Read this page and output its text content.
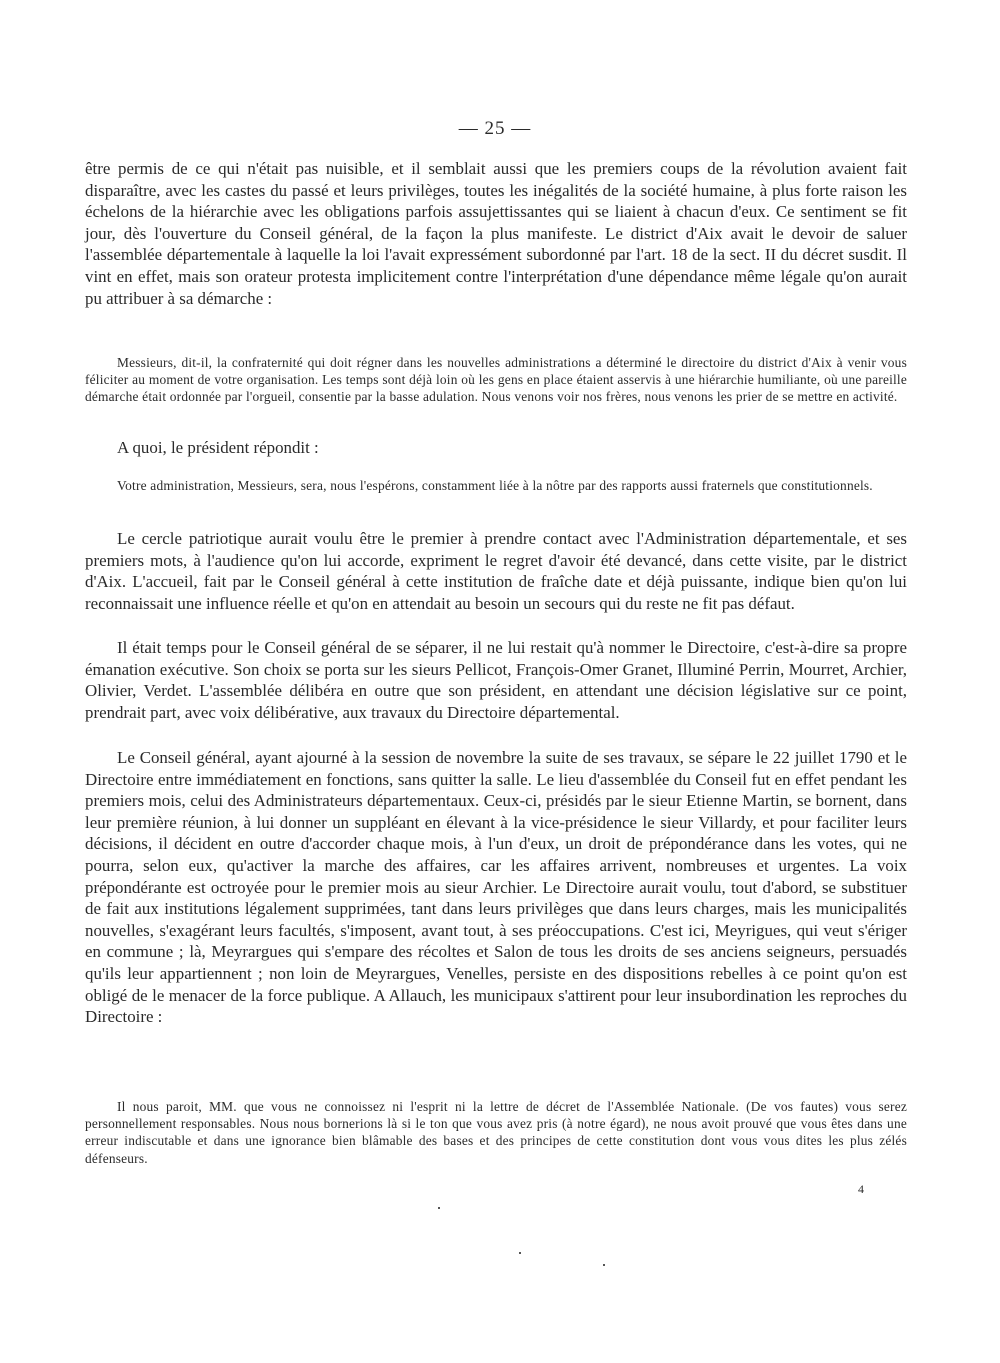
— 25 —

être permis de ce qui n'était pas nuisible, et il semblait aussi que les premiers coups de la révolution avaient fait disparaître, avec les castes du passé et leurs privilèges, toutes les inégalités de la société humaine, à plus forte raison les échelons de la hiérarchie avec les obligations parfois assujettissantes qui se liaient à chacun d'eux. Ce sentiment se fit jour, dès l'ouverture du Conseil général, de la façon la plus manifeste. Le district d'Aix avait le devoir de saluer l'assemblée départementale à laquelle la loi l'avait expressément subordonné par l'art. 18 de la sect. II du décret susdit. Il vint en effet, mais son orateur protesta implicitement contre l'interprétation d'une dépendance même légale qu'on aurait pu attribuer à sa démarche :

Messieurs, dit-il, la confraternité qui doit régner dans les nouvelles administrations a déterminé le directoire du district d'Aix à venir vous féliciter au moment de votre organisation. Les temps sont déjà loin où les gens en place étaient asservis à une hiérarchie humiliante, où une pareille démarche était ordonnée par l'orgueil, consentie par la basse adulation. Nous venons voir nos frères, nous venons les prier de se mettre en activité.

A quoi, le président répondit :

Votre administration, Messieurs, sera, nous l'espérons, constamment liée à la nôtre par des rapports aussi fraternels que constitutionnels.

Le cercle patriotique aurait voulu être le premier à prendre contact avec l'Administration départementale, et ses premiers mots, à l'audience qu'on lui accorde, expriment le regret d'avoir été devancé, dans cette visite, par le district d'Aix. L'accueil, fait par le Conseil général à cette institution de fraîche date et déjà puissante, indique bien qu'on lui reconnaissait une influence réelle et qu'on en attendait au besoin un secours qui du reste ne fit pas défaut.

Il était temps pour le Conseil général de se séparer, il ne lui restait qu'à nommer le Directoire, c'est-à-dire sa propre émanation exécutive. Son choix se porta sur les sieurs Pellicot, François-Omer Granet, Illuminé Perrin, Mourret, Archier, Olivier, Verdet. L'assemblée délibéra en outre que son président, en attendant une décision législative sur ce point, prendrait part, avec voix délibérative, aux travaux du Directoire départemental.

Le Conseil général, ayant ajourné à la session de novembre la suite de ses travaux, se sépare le 22 juillet 1790 et le Directoire entre immédiatement en fonctions, sans quitter la salle. Le lieu d'assemblée du Conseil fut en effet pendant les premiers mois, celui des Administrateurs départementaux. Ceux-ci, présidés par le sieur Etienne Martin, se bornent, dans leur première réunion, à lui donner un suppléant en élevant à la vice-présidence le sieur Villardy, et pour faciliter leurs décisions, il décident en outre d'accorder chaque mois, à l'un d'eux, un droit de prépondérance dans les votes, qui ne pourra, selon eux, qu'activer la marche des affaires, car les affaires arrivent, nombreuses et urgentes. La voix prépondérante est octroyée pour le premier mois au sieur Archier. Le Directoire aurait voulu, tout d'abord, se substituer de fait aux institutions légalement supprimées, tant dans leurs privilèges que dans leurs charges, mais les municipalités nouvelles, s'exagérant leurs facultés, s'imposent, avant tout, à ses préoccupations. C'est ici, Meyrigues, qui veut s'ériger en commune ; là, Meyrargues qui s'empare des récoltes et Salon de tous les droits de ses anciens seigneurs, persuadés qu'ils leur appartiennent ; non loin de Meyrargues, Venelles, persiste en des dispositions rebelles à ce point qu'on est obligé de le menacer de la force publique. A Allauch, les municipaux s'attirent pour leur insubordination les reproches du Directoire :

Il nous paroit, MM. que vous ne connoissez ni l'esprit ni la lettre de décret de l'Assemblée Nationale. (De vos fautes) vous serez personnellement responsables. Nous nous bornerions là si le ton que vous avez pris (à notre égard), ne nous avoit prouvé que vous êtes dans une erreur indiscutable et dans une ignorance bien blâmable des bases et des principes de cette constitution dont vous vous dites les plus zélés défenseurs.

4
